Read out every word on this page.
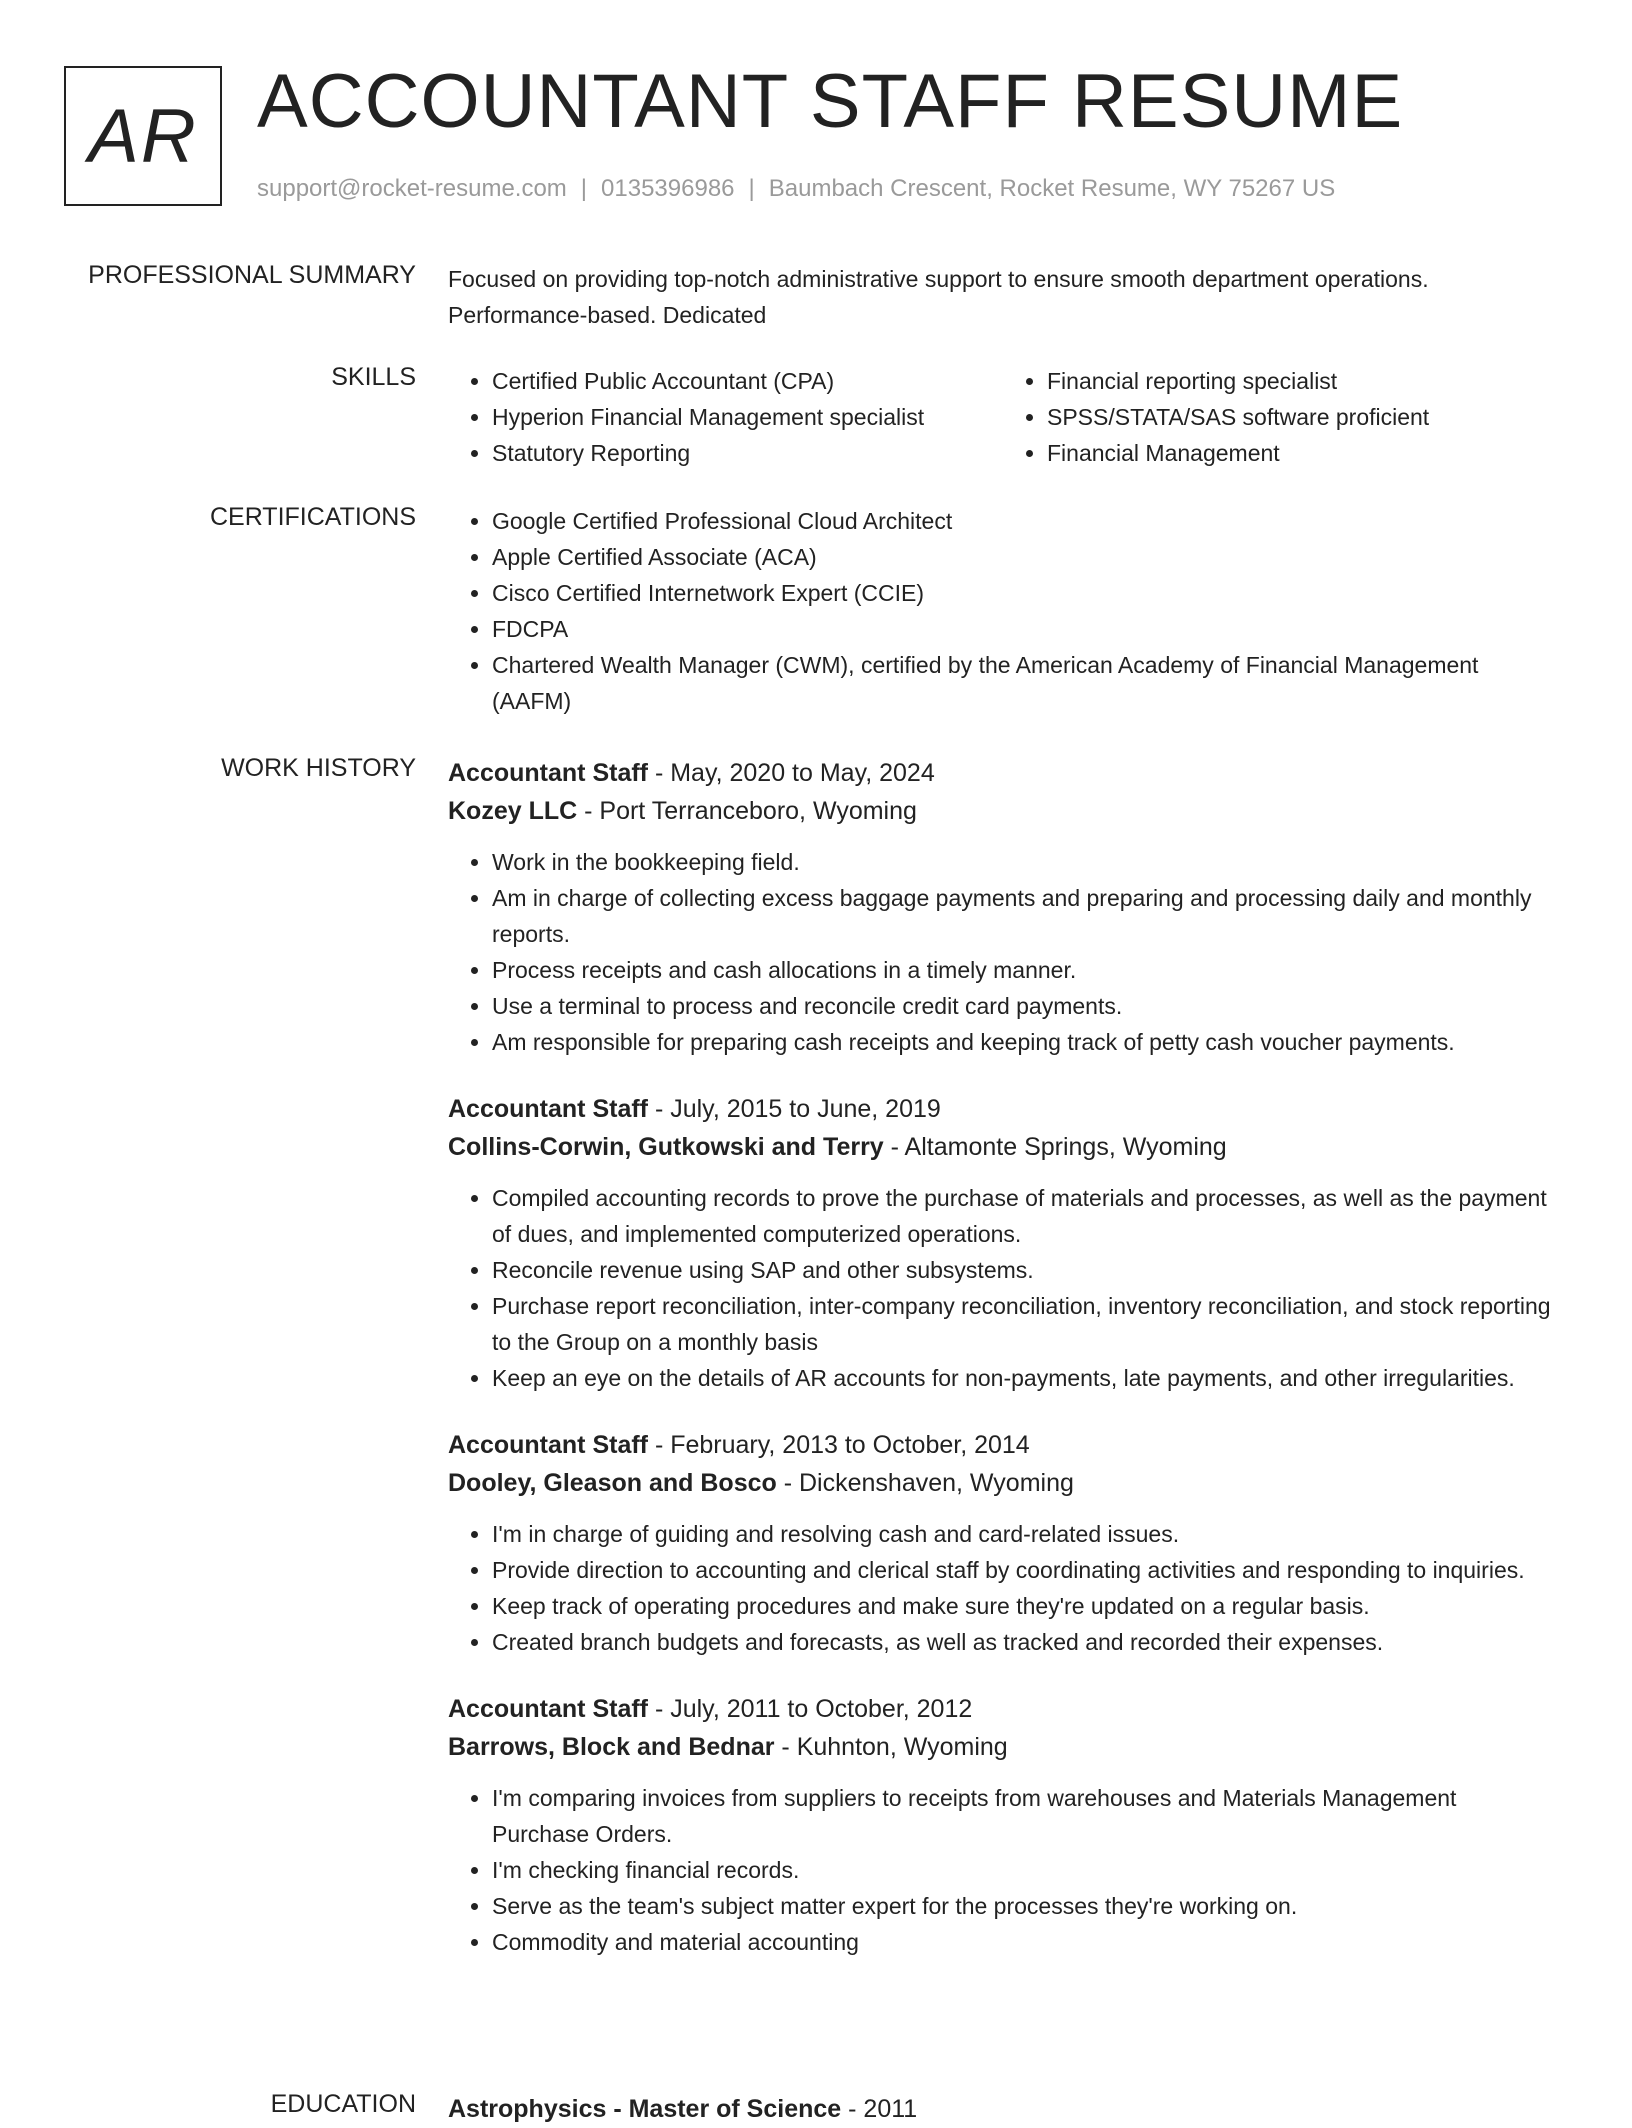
AR ACCOUNTANT STAFF RESUME
support@rocket-resume.com | 0135396986 | Baumbach Crescent, Rocket Resume, WY 75267 US
PROFESSIONAL SUMMARY Focused on providing top-notch administrative support to ensure smooth department operations.
Performance-based. Dedicated
SKILLS	• Certified Public Accountant (CPA)
• Hyperion Financial Management specialist
• Statutory Reporting
• Financial reporting specialist
• SPSS/STATA/SAS software proficient
• Financial Management
CERTIFICATIONS	• Google Certified Professional Cloud Architect
• Apple Certified Associate (ACA)
• Cisco Certified Internetwork Expert (CCIE)
• FDCPA
• Chartered Wealth Manager (CWM), certified by the American Academy of Financial Management (AAFM)
WORK HISTORY Accountant Staff - May, 2020 to May, 2024
Kozey LLC - Port Terranceboro, Wyoming
• Work in the bookkeeping field.
• Am in charge of collecting excess baggage payments and preparing and processing daily and monthly reports.
• Process receipts and cash allocations in a timely manner.
• Use a terminal to process and reconcile credit card payments.
• Am responsible for preparing cash receipts and keeping track of petty cash voucher payments.
Accountant Staff - July, 2015 to June, 2019
Collins-Corwin, Gutkowski and Terry - Altamonte Springs, Wyoming
• Compiled accounting records to prove the purchase of materials and processes, as well as the payment of dues, and implemented computerized operations.
• Reconcile revenue using SAP and other subsystems.
• Purchase report reconciliation, inter-company reconciliation, inventory reconciliation, and stock reporting to the Group on a monthly basis
• Keep an eye on the details of AR accounts for non-payments, late payments, and other irregularities.
Accountant Staff - February, 2013 to October, 2014
Dooley, Gleason and Bosco - Dickenshaven, Wyoming
• I'm in charge of guiding and resolving cash and card-related issues.
• Provide direction to accounting and clerical staff by coordinating activities and responding to inquiries.
• Keep track of operating procedures and make sure they're updated on a regular basis.
• Created branch budgets and forecasts, as well as tracked and recorded their expenses.
Accountant Staff - July, 2011 to October, 2012
Barrows, Block and Bednar - Kuhnton, Wyoming
• I'm comparing invoices from suppliers to receipts from warehouses and Materials Management Purchase Orders.
• I'm checking financial records.
• Serve as the team's subject matter expert for the processes they're working on.
• Commodity and material accounting
EDUCATION Astrophysics - Master of Science - 2011
